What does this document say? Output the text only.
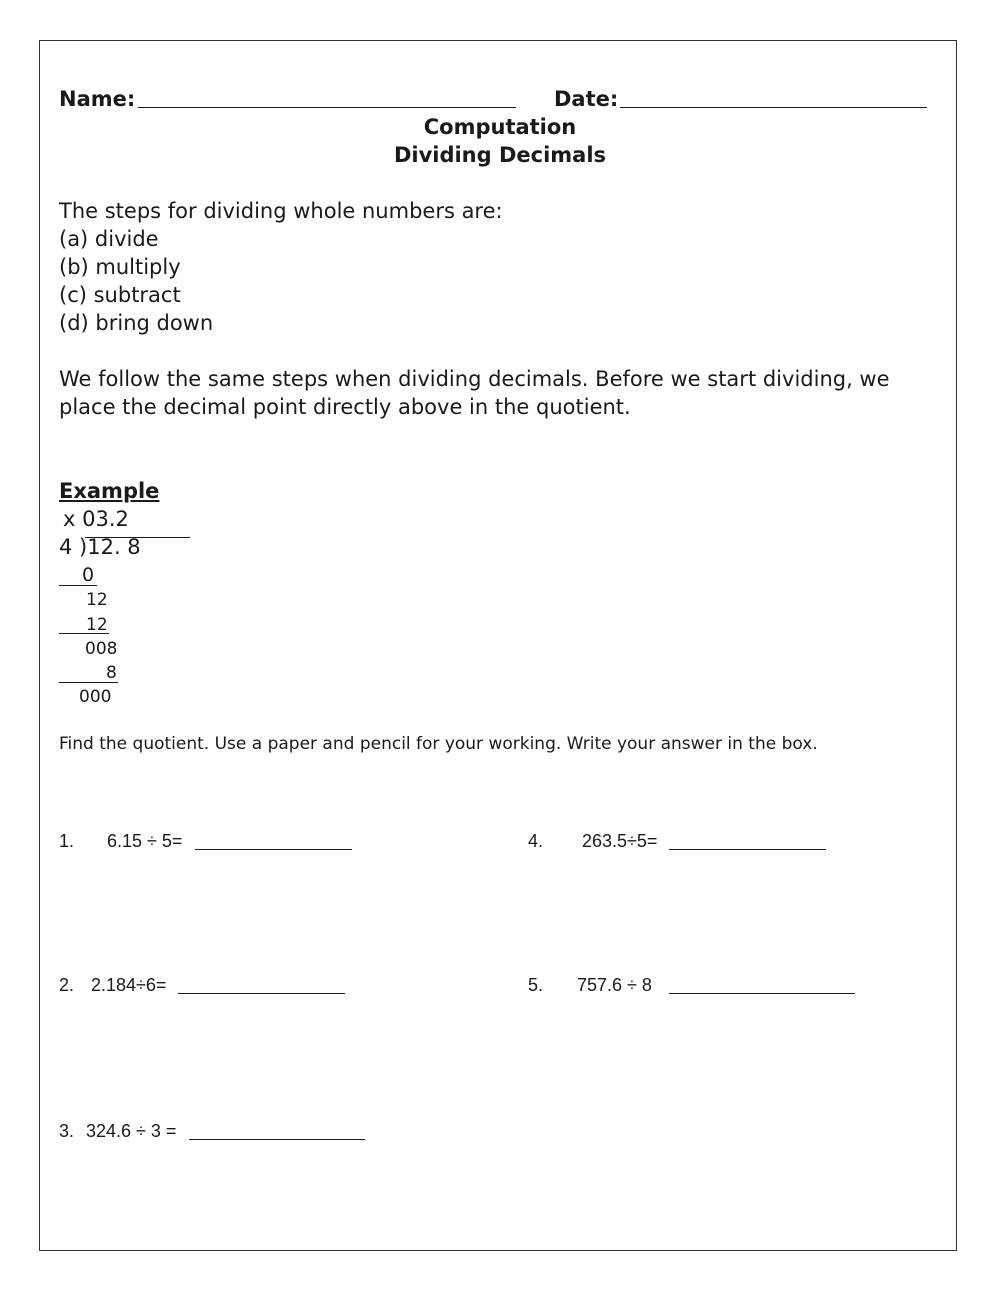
Name:	Date:
Computation
Dividing Decimals
The steps for dividing whole numbers are:
(a) divide
(b) multiply
(c) subtract
(d) bring down
We follow the same steps when dividing decimals. Before we start dividing, we
place the decimal point directly above in the quotient.
Example
x 03.2
4 )12. 8
0
12
12
008
8
000
Find the quotient. Use a paper and pencil for your working. Write your answer in the box.
1. 6.15 ÷ 5=	4. 263.5÷5=
2. 2.184÷6=	5. 757.6 ÷ 8
3. 324.6 ÷ 3 =
